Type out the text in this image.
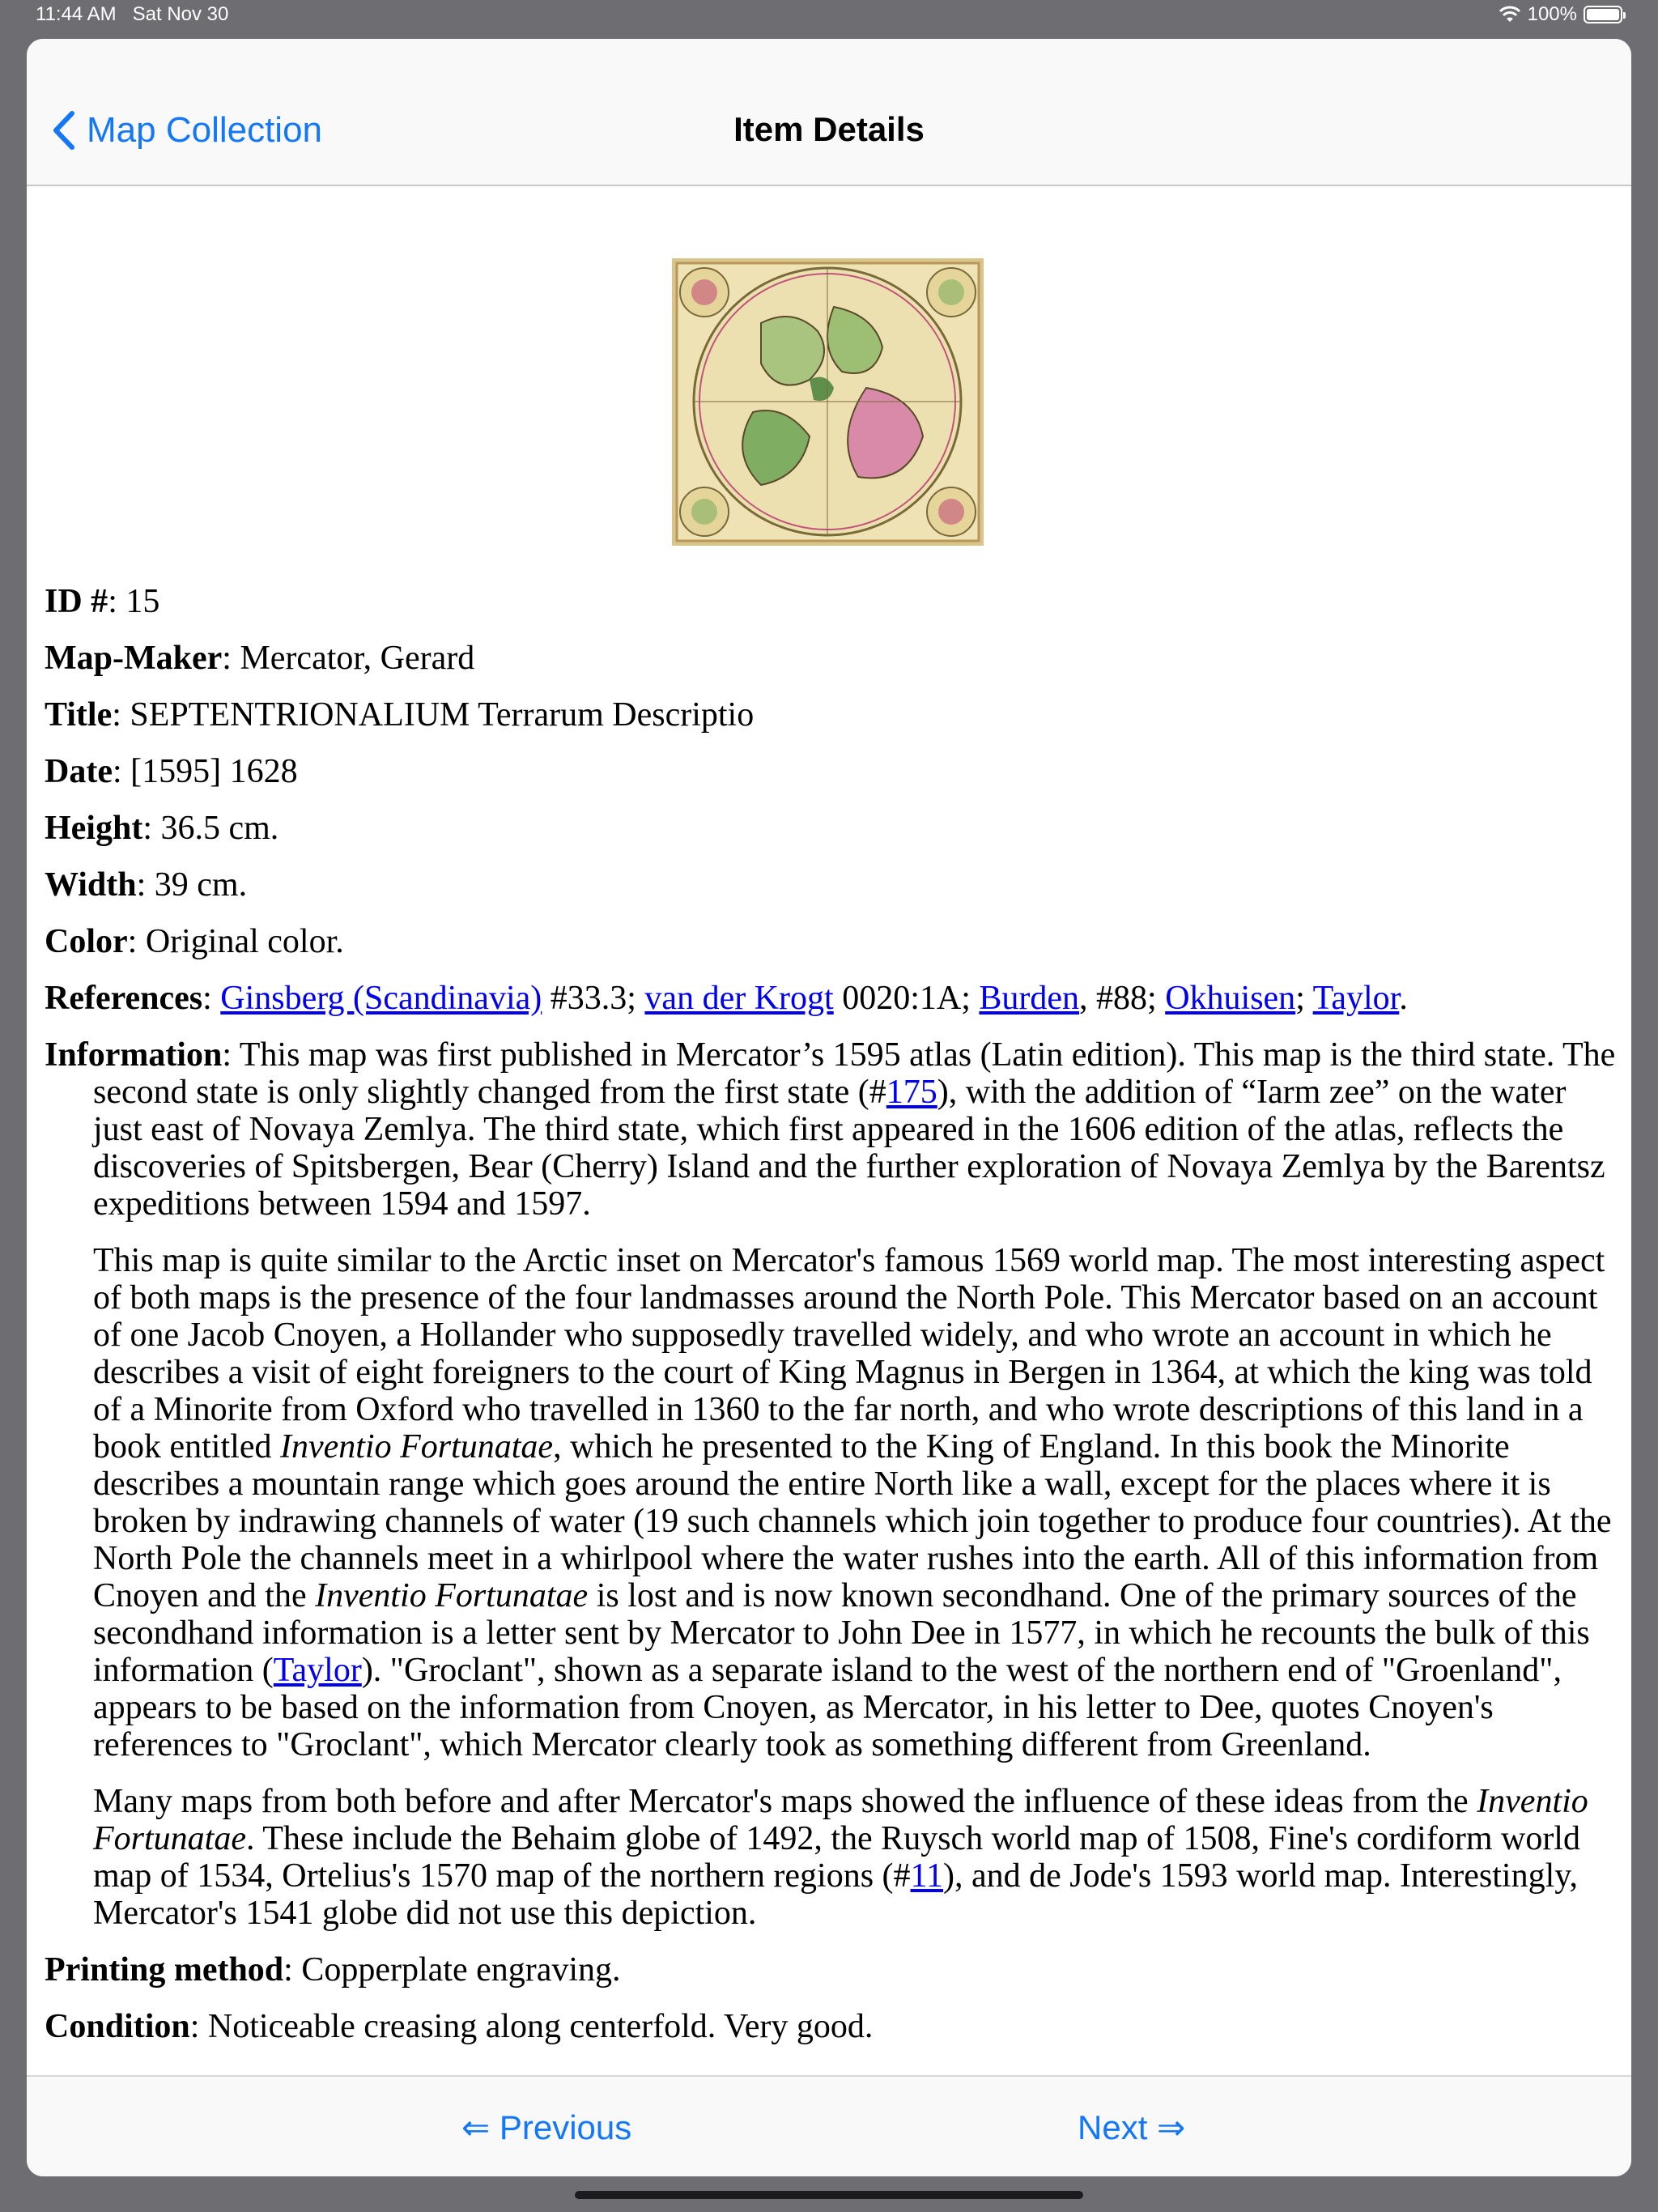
11:44 AM Sat Nov 30	100%
Map Collection	Item Details
ID #: 15
Map-Maker: Mercator, Gerard
Title: SEPTENTRIONALIUM Terrarum Descriptio
Date: [1595] 1628
Height: 36.5 cm.
Width: 39 cm.
Color: Original color.
References: Ginsberg (Scandinavia) #33.3; van der Krogt 0020:1A; Burden, #88; Okhuisen; Taylor.

Information: This map was first published in Mercator’s 1595 atlas (Latin edition). This map is the third state. The second state is only slightly changed from the first state (#175), with the addition of “Iarm zee” on the water just east of Novaya Zemlya. The third state, which first appeared in the 1606 edition of the atlas, reflects the discoveries of Spitsbergen, Bear (Cherry) Island and the further exploration of Novaya Zemlya by the Barentsz expeditions between 1594 and 1597.

This map is quite similar to the Arctic inset on Mercator's famous 1569 world map. The most interesting aspect of both maps is the presence of the four landmasses around the North Pole. This Mercator based on an account of one Jacob Cnoyen, a Hollander who supposedly travelled widely, and who wrote an account in which he describes a visit of eight foreigners to the court of King Magnus in Bergen in 1364, at which the king was told of a Minorite from Oxford who travelled in 1360 to the far north, and who wrote descriptions of this land in a book entitled Inventio Fortunatae, which he presented to the King of England. In this book the Minorite describes a mountain range which goes around the entire North like a wall, except for the places where it is broken by indrawing channels of water (19 such channels which join together to produce four countries). At the North Pole the channels meet in a whirlpool where the water rushes into the earth. All of this information from Cnoyen and the Inventio Fortunatae is lost and is now known secondhand. One of the primary sources of the secondhand information is a letter sent by Mercator to John Dee in 1577, in which he recounts the bulk of this information (Taylor). "Groclant", shown as a separate island to the west of the northern end of "Groenland", appears to be based on the information from Cnoyen, as Mercator, in his letter to Dee, quotes Cnoyen's references to "Groclant", which Mercator clearly took as something different from Greenland.

Many maps from both before and after Mercator's maps showed the influence of these ideas from the Inventio Fortunatae. These include the Behaim globe of 1492, the Ruysch world map of 1508, Fine's cordiform world map of 1534, Ortelius's 1570 map of the northern regions (#11), and de Jode's 1593 world map. Interestingly, Mercator's 1541 globe did not use this depiction.

Printing method: Copperplate engraving.
Condition: Noticeable creasing along centerfold. Very good.
⇐ Previous	Next ⇒
